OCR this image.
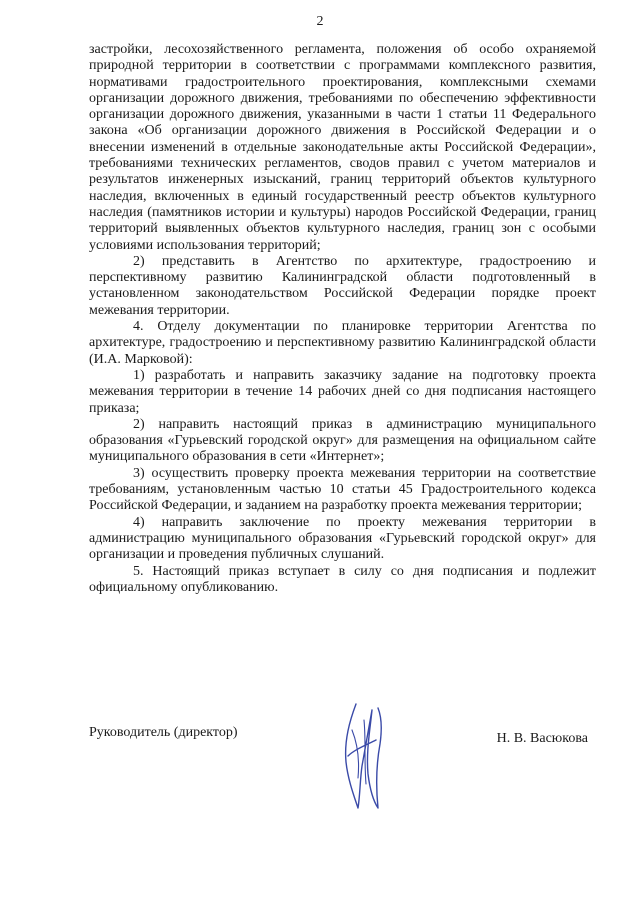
2

застройки, лесохозяйственного регламента, положения об особо охраняемой природной территории в соответствии с программами комплексного развития, нормативами градостроительного проектирования, комплексными схемами организации дорожного движения, требованиями по обеспечению эффективности организации дорожного движения, указанными в части 1 статьи 11 Федерального закона «Об организации дорожного движения в Российской Федерации и о внесении изменений в отдельные законодательные акты Российской Федерации», требованиями технических регламентов, сводов правил с учетом материалов и результатов инженерных изысканий, границ территорий объектов культурного наследия, включенных в единый государственный реестр объектов культурного наследия (памятников истории и культуры) народов Российской Федерации, границ территорий выявленных объектов культурного наследия, границ зон с особыми условиями использования территорий;

2) представить в Агентство по архитектуре, градостроению и перспективному развитию Калининградской области подготовленный в установленном законодательством Российской Федерации порядке проект межевания территории.

4. Отделу документации по планировке территории Агентства по архитектуре, градостроению и перспективному развитию Калининградской области (И.А. Марковой):

1) разработать и направить заказчику задание на подготовку проекта межевания территории в течение 14 рабочих дней со дня подписания настоящего приказа;

2) направить настоящий приказ в администрацию муниципального образования «Гурьевский городской округ» для размещения на официальном сайте муниципального образования в сети «Интернет»;

3) осуществить проверку проекта межевания территории на соответствие требованиям, установленным частью 10 статьи 45 Градостроительного кодекса Российской Федерации, и заданием на разработку проекта межевания территории;

4) направить заключение по проекту межевания территории в администрацию муниципального образования «Гурьевский городской округ» для организации и проведения публичных слушаний.

5. Настоящий приказ вступает в силу со дня подписания и подлежит официальному опубликованию.

Руководитель (директор)	Н. В. Васюкова
